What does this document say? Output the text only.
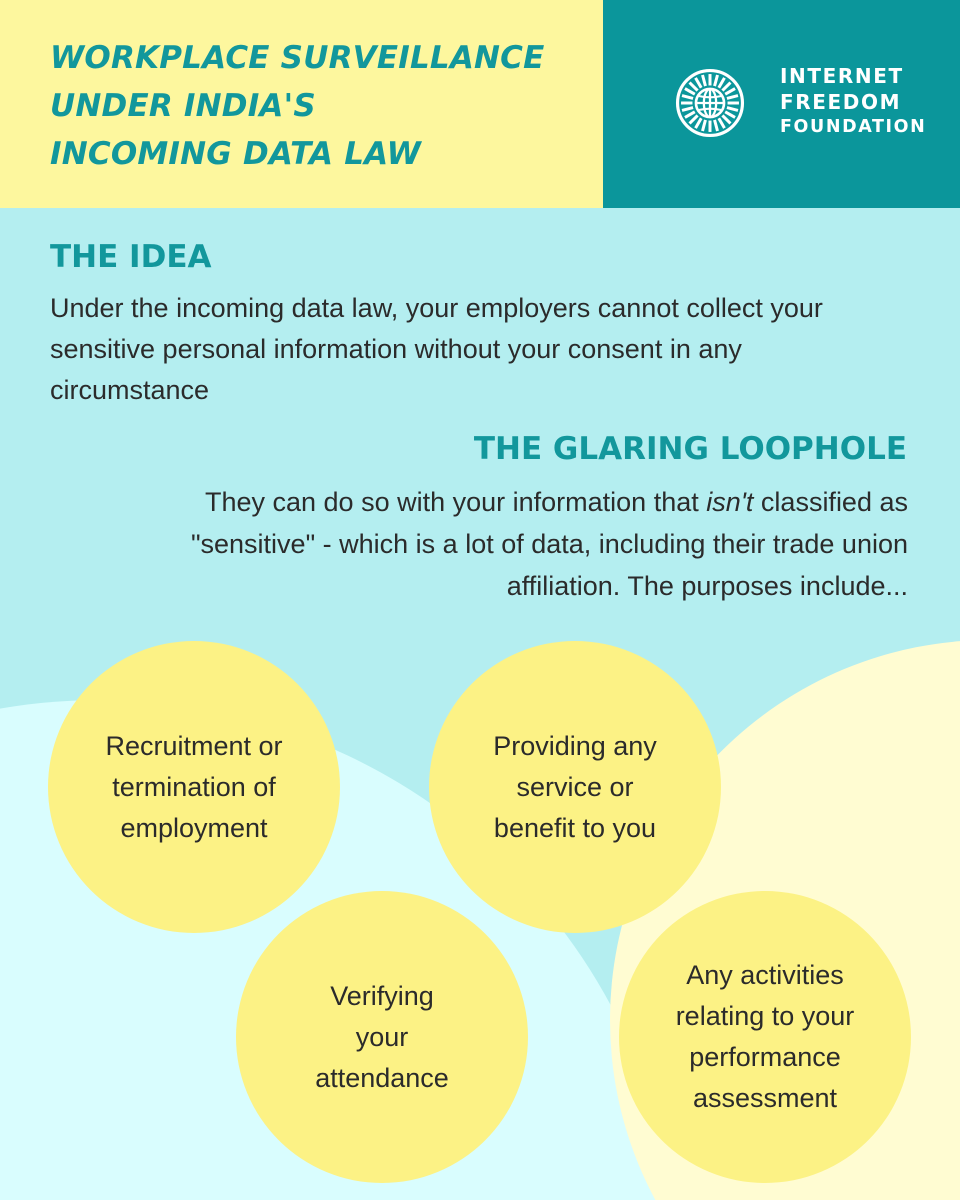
WORKPLACE SURVEILLANCE
UNDER INDIA'S
INCOMING DATA LAW
INTERNET
FREEDOM
FOUNDATION
THE IDEA

Under the incoming data law, your employers cannot collect your sensitive personal information without your consent in any circumstance

THE GLARING LOOPHOLE

They can do so with your information that isn't classified as
"sensitive" - which is a lot of data, including their trade union
affiliation. The purposes include...

Recruitment or
termination of
employment
Providing any
service or
benefit to you
Verifying
your
attendance
Any activities
relating to your
performance
assessment
